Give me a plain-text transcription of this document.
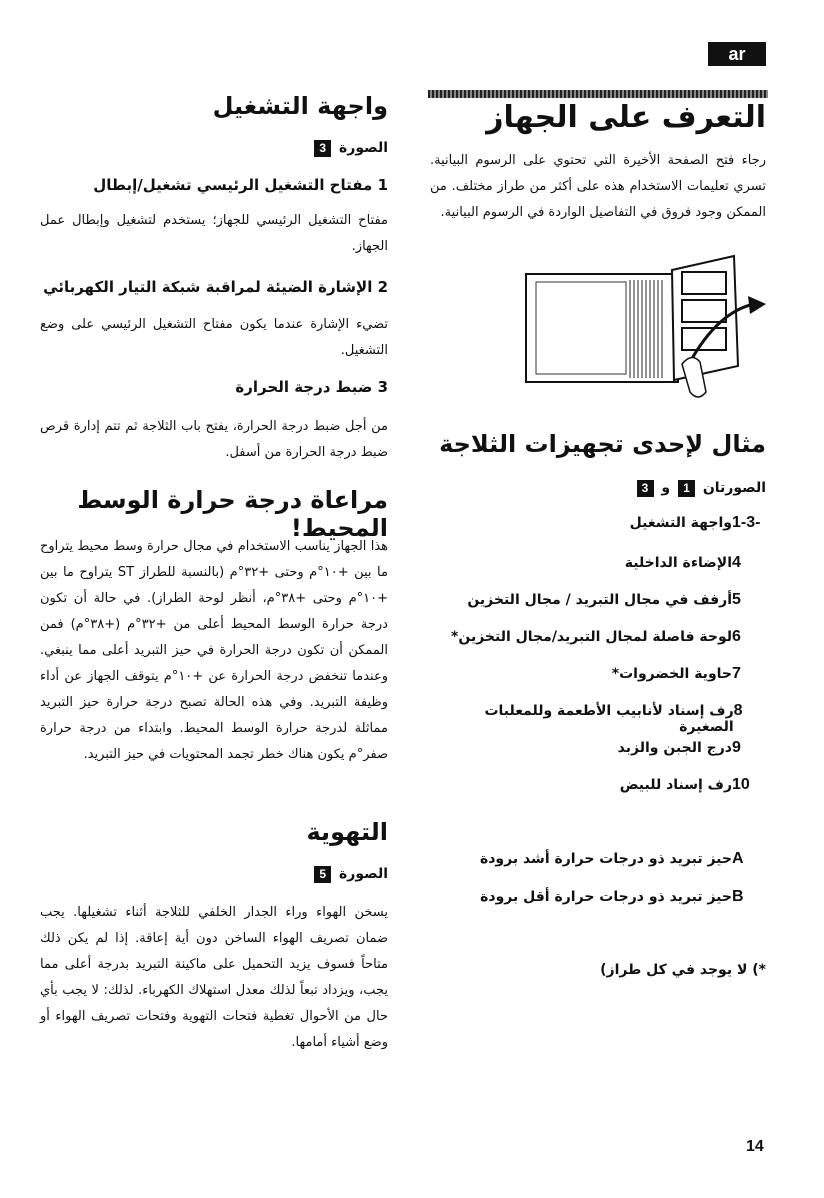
ar
التعرف على الجهاز
رجاء فتح الصفحة الأخيرة التي تحتوي على الرسوم البيانية. تسري تعليمات الاستخدام هذه على أكثر من طراز مختلف. من الممكن وجود فروق في التفاصيل الواردة في الرسوم البيانية.
مثال لإحدى تجهيزات الثلاجة
الصورتان 1 و 3
1-3-
واجهة التشغيل
4
الإضاءة الداخلية
5
أرفف في مجال التبريد / مجال التخزين
6
لوحة فاصلة لمجال التبريد/مجال التخزين*
7
حاوية الخضروات*
8
رف إسناد لأنابيب الأطعمة وللمعلبات الصغيرة
9
درج الجبن والزبد
10
رف إسناد للبيض
A
حيز تبريد ذو درجات حرارة أشد برودة
B
حيز تبريد ذو درجات حرارة أقل برودة
*) لا يوجد في كل طراز)
واجهة التشغيل
الصورة 3
1 مفتاح التشغيل الرئيسي تشغيل/إبطال
مفتاح التشغيل الرئيسي للجهاز؛ يستخدم لتشغيل وإبطال عمل الجهاز.
2 الإشارة الضيئة لمراقبة شبكة التيار الكهربائي
تضيء الإشارة عندما يكون مفتاح التشغيل الرئيسي على وضع التشغيل.
3 ضبط درجة الحرارة
من أجل ضبط درجة الحرارة، يفتح باب الثلاجة ثم تتم إدارة قرص ضبط درجة الحرارة من أسفل.
مراعاة درجة حرارة الوسط المحيط!
هذا الجهاز يناسب الاستخدام في مجال حرارة وسط محيط يتراوح ما بين +١٠°م وحتى +٣٢°م (بالنسبة للطراز ST يتراوح ما بين +١٠°م وحتى +٣٨°م، أنظر لوحة الطراز). في حالة أن تكون درجة حرارة الوسط المحيط أعلى من +٣٢°م (+٣٨°م) فمن الممكن أن تكون درجة الحرارة في حيز التبريد أعلى مما ينبغي. وعندما تنخفض درجة الحرارة عن +١٠°م يتوقف الجهاز عن أداء وظيفة التبريد. وفي هذه الحالة تصبح درجة حرارة حيز التبريد مماثلة لدرجة حرارة الوسط المحيط. وابتداء من درجة حرارة صفر°م يكون هناك خطر تجمد المحتويات في حيز التبريد.
التهوية
الصورة 5
يسخن الهواء وراء الجدار الخلفي للثلاجة أثناء تشغيلها. يجب ضمان تصريف الهواء الساخن دون أية إعاقة. إذا لم يكن ذلك متاحاً فسوف يزيد التحميل على ماكينة التبريد بدرجة أعلى مما يجب، ويزداد تبعاً لذلك معدل استهلاك الكهرباء. لذلك: لا يجب بأي حال من الأحوال تغطية فتحات التهوية وفتحات تصريف الهواء أو وضع أشياء أمامها.
14
